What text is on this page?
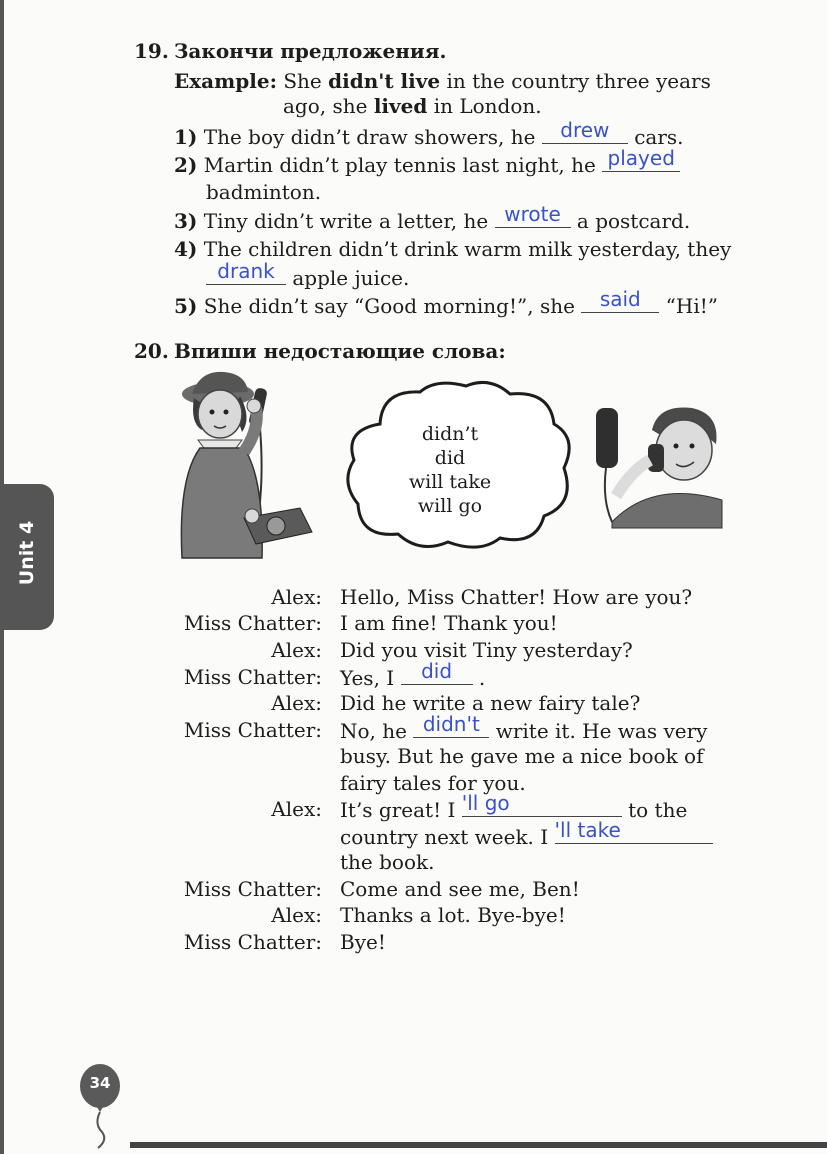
19. Закончи предложения.
Example: She didn't live in the country three years
ago, she lived in London.
1) The boy didn’t draw showers, he	drew	cars.
2) Martin didn’t play tennis last night, he played
badminton.
3) Tiny didn’t write a letter, he wrote a postcard.
4) The children didn’t drink warm milk yesterday, they
drank apple juice.
5) She didn’t say “Good morning!”, she	said	“Hi!”
20. Впиши недостающие слова:
didn’t
did
will take
will go
Alex: Hello, Miss Chatter! How are you?
Miss Chatter: I am fine! Thank you!
Alex: Did you visit Tiny yesterday?
Miss Chatter: Yes, I	did	.
Alex: Did he write a new fairy tale?
Miss Chatter: No, he didn't write it. He was very
busy. But he gave me a nice book of
fairy tales for you.
Alex: It’s great! I 'll go	to the
country next week. I 'll take
the book.
Miss Chatter: Come and see me, Ben!
Alex: Thanks a lot. Bye-bye!
Miss Chatter: Bye!
Unit 4
34
